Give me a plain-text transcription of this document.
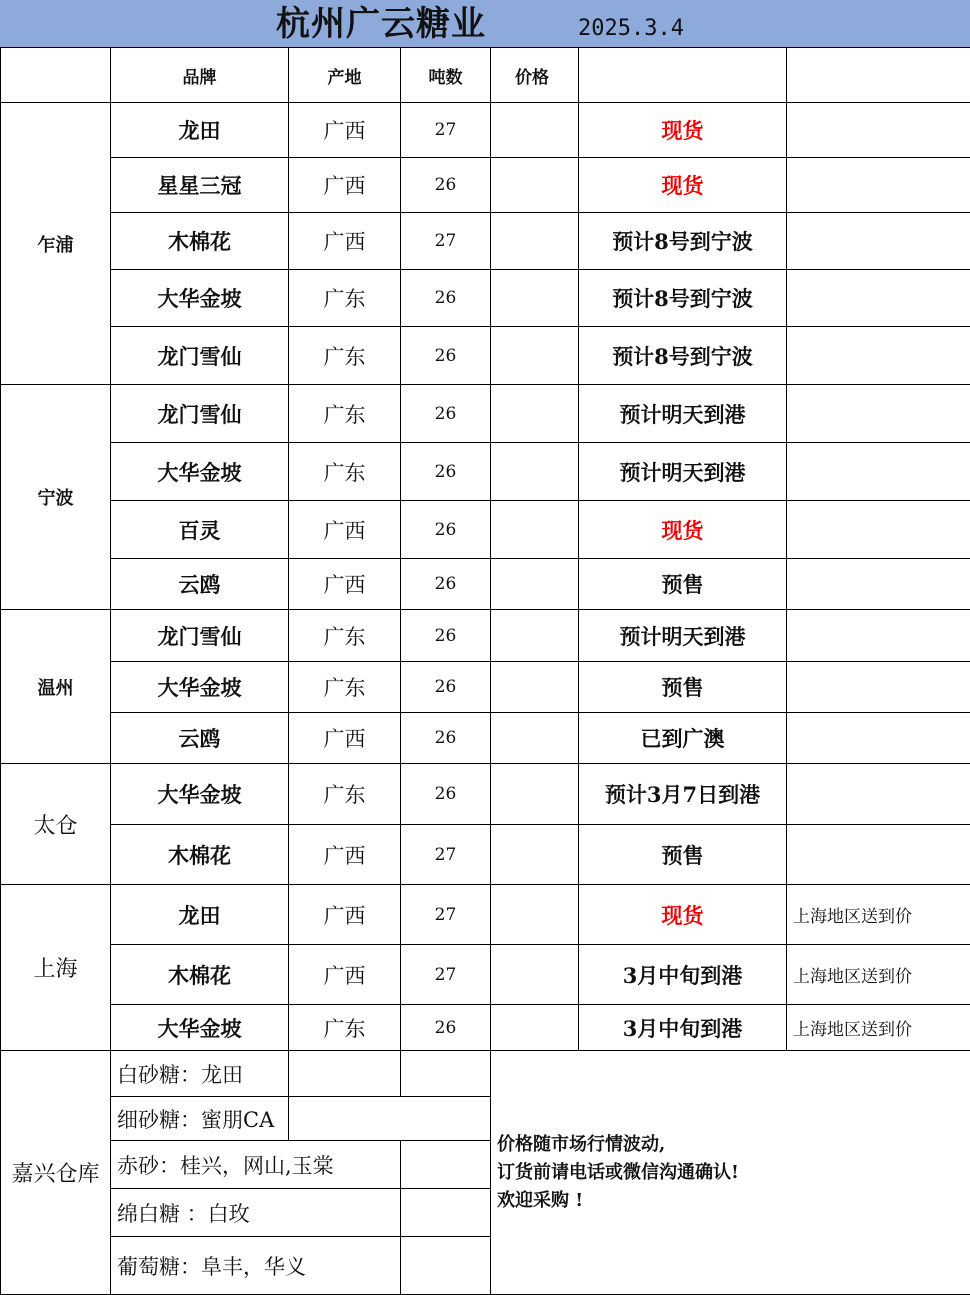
杭州广云糖业	2025.3.4
	品牌	产地	吨数	价格		
乍浦	龙田	广西	27		现货	
	星星三冠	广西	26		现货	
	木棉花	广西	27		预计8号到宁波	
	大华金坡	广东	26		预计8号到宁波	
	龙门雪仙	广东	26		预计8号到宁波	
宁波	龙门雪仙	广东	26		预计明天到港	
	大华金坡	广东	26		预计明天到港	
	百灵	广西	26		现货	
	云鸥	广西	26		预售	
温州	龙门雪仙	广东	26		预计明天到港	
	大华金坡	广东	26		预售	
	云鸥	广西	26		已到广澳	
太仓	大华金坡	广东	26		预计3月7日到港	
	木棉花	广西	27		预售	
上海	龙田	广西	27		现货	上海地区送到价
	木棉花	广西	27		3月中旬到港	上海地区送到价
	大华金坡	广东	26		3月中旬到港	上海地区送到价
嘉兴仓库	白砂糖：龙田			价格随市场行情波动,
订货前请电话或微信沟通确认!
欢迎采购 !		

	细砂糖：蜜朋CA					
	赤砂：桂兴，网山,玉棠					
	绵白糖 ：白玫					
	葡萄糖：阜丰，华义					
